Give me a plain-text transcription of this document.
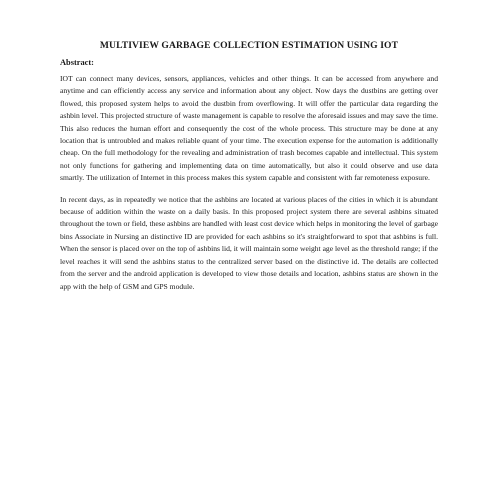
MULTIVIEW GARBAGE COLLECTION ESTIMATION USING IOT
Abstract:

IOT can connect many devices, sensors, appliances, vehicles and other things. It can be accessed from anywhere and anytime and can efficiently access any service and information about any object. Now days the dustbins are getting over flowed, this proposed system helps to avoid the dustbin from overflowing. It will offer the particular data regarding the ashbin level. This projected structure of waste management is capable to resolve the aforesaid issues and may save the time. This also reduces the human effort and consequently the cost of the whole process. This structure may be done at any location that is untroubled and makes reliable quant of your time. The execution expense for the automation is additionally cheap. On the full methodology for the revealing and administration of trash becomes capable and intellectual. This system not only functions for gathering and implementing data on time automatically, but also it could observe and use data smartly. The utilization of Internet in this process makes this system capable and consistent with far remoteness exposure.

In recent days, as in repeatedly we notice that the ashbins are located at various places of the cities in which it is abundant because of addition within the waste on a daily basis. In this proposed project system there are several ashbins situated throughout the town or field, these ashbins are handled with least cost device which helps in monitoring the level of garbage bins Associate in Nursing an distinctive ID are provided for each ashbins so it's straightforward to spot that ashbins is full. When the sensor is placed over on the top of ashbins lid, it will maintain some weight age level as the threshold range; if the level reaches it will send the ashbins status to the centralized server based on the distinctive id. The details are collected from the server and the android application is developed to view those details and location, ashbins status are shown in the app with the help of GSM and GPS module.
